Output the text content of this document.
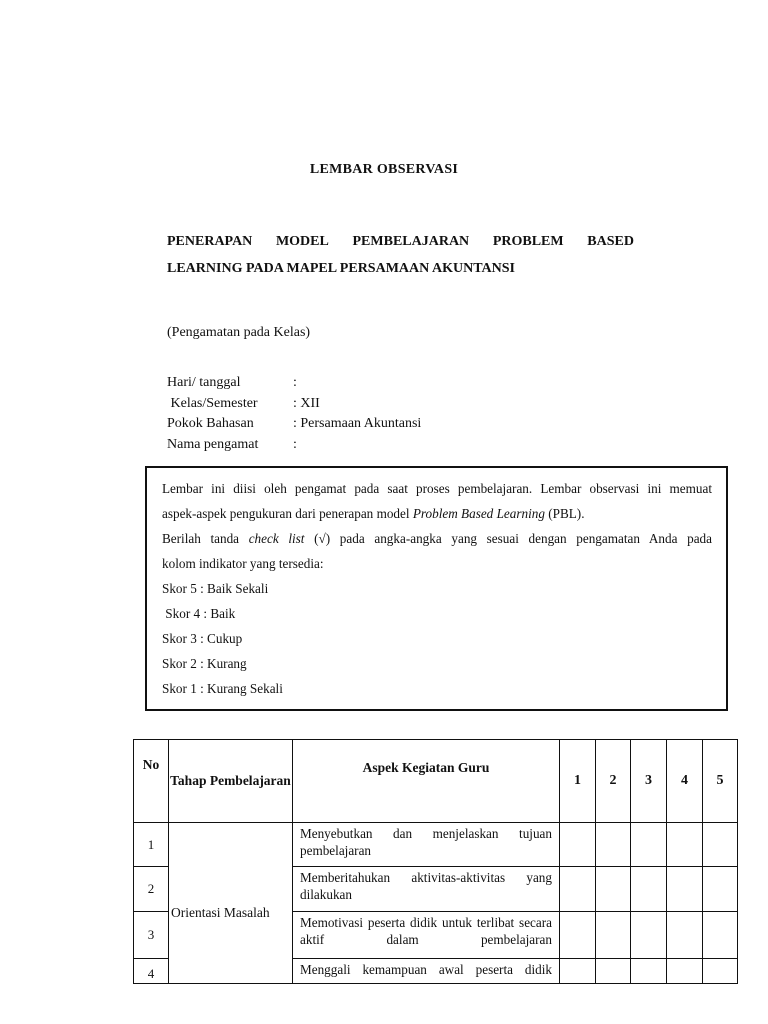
LEMBAR OBSERVASI
PENERAPAN MODEL PEMBELAJARAN PROBLEM BASED
LEARNING PADA MAPEL PERSAMAAN AKUNTANSI
(Pengamatan pada Kelas)
Hari/ tanggal	:
Kelas/Semester	: XII
Pokok Bahasan	: Persamaan Akuntansi
Nama pengamat	:
Lembar ini diisi oleh pengamat pada saat proses pembelajaran. Lembar observasi ini memuat
aspek-aspek pengukuran dari penerapan model Problem Based Learning (PBL).
Berilah tanda check list (√) pada angka-angka yang sesuai dengan pengamatan Anda pada
kolom indikator yang tersedia:
Skor 5 : Baik Sekali
Skor 4 : Baik
Skor 3 : Cukup
Skor 2 : Kurang
Skor 1 : Kurang Sekali
No	Tahap Pembelajaran	Aspek Kegiatan Guru	1	2	3	4	5
1	Orientasi Masalah	Menyebutkan dan menjelaskan tujuan pembelajaran					

2		Memberitahukan aktivitas-aktivitas yang dilakukan					

3		Memotivasi peserta didik untuk terlibat secara aktif dalam pembelajaran					

4		Menggali kemampuan awal peserta didik					
